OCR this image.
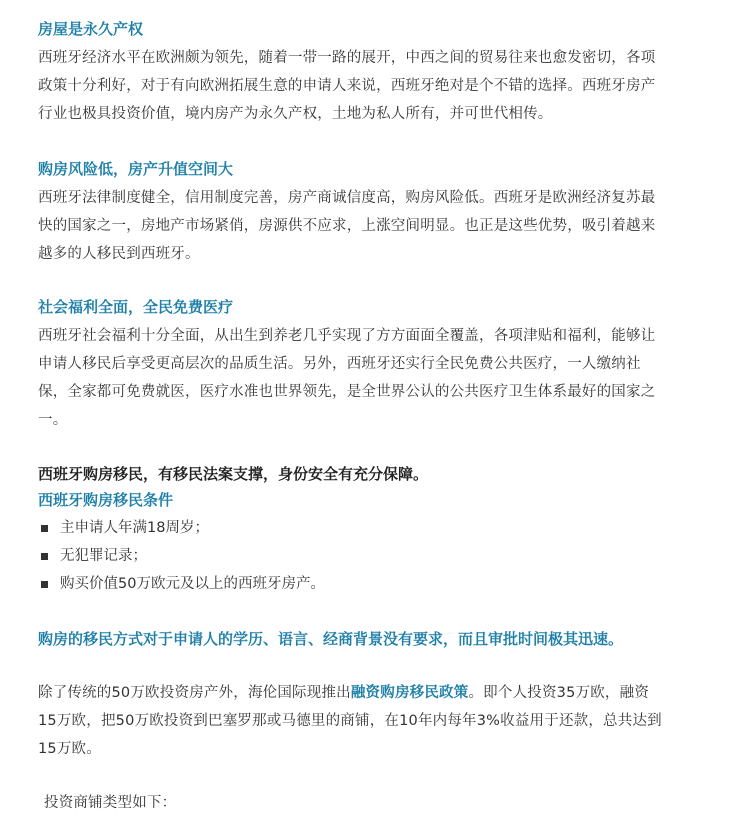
房屋是永久产权
西班牙经济水平在欧洲颇为领先，随着一带一路的展开，中西之间的贸易往来也愈发密切，各项
政策十分利好，对于有向欧洲拓展生意的申请人来说，西班牙绝对是个不错的选择。西班牙房产
行业也极具投资价值，境内房产为永久产权，土地为私人所有，并可世代相传。
购房风险低，房产升值空间大
西班牙法律制度健全，信用制度完善，房产商诚信度高，购房风险低。西班牙是欧洲经济复苏最
快的国家之一，房地产市场紧俏，房源供不应求，上涨空间明显。也正是这些优势，吸引着越来
越多的人移民到西班牙。
社会福利全面，全民免费医疗
西班牙社会福利十分全面，从出生到养老几乎实现了方方面面全覆盖，各项津贴和福利，能够让
申请人移民后享受更高层次的品质生活。另外，西班牙还实行全民免费公共医疗，一人缴纳社
保，全家都可免费就医，医疗水准也世界领先，是全世界公认的公共医疗卫生体系最好的国家之
一。
西班牙购房移民，有移民法案支撑，身份安全有充分保障。
西班牙购房移民条件
主申请人年满18周岁；
无犯罪记录；
购买价值50万欧元及以上的西班牙房产。
购房的移民方式对于申请人的学历、语言、经商背景没有要求，而且审批时间极其迅速。
除了传统的50万欧投资房产外，海伦国际现推出融资购房移民政策。即个人投资35万欧，融资
15万欧，把50万欧投资到巴塞罗那或马德里的商铺，在10年内每年3%收益用于还款，总共达到
15万欧。
投资商铺类型如下：
